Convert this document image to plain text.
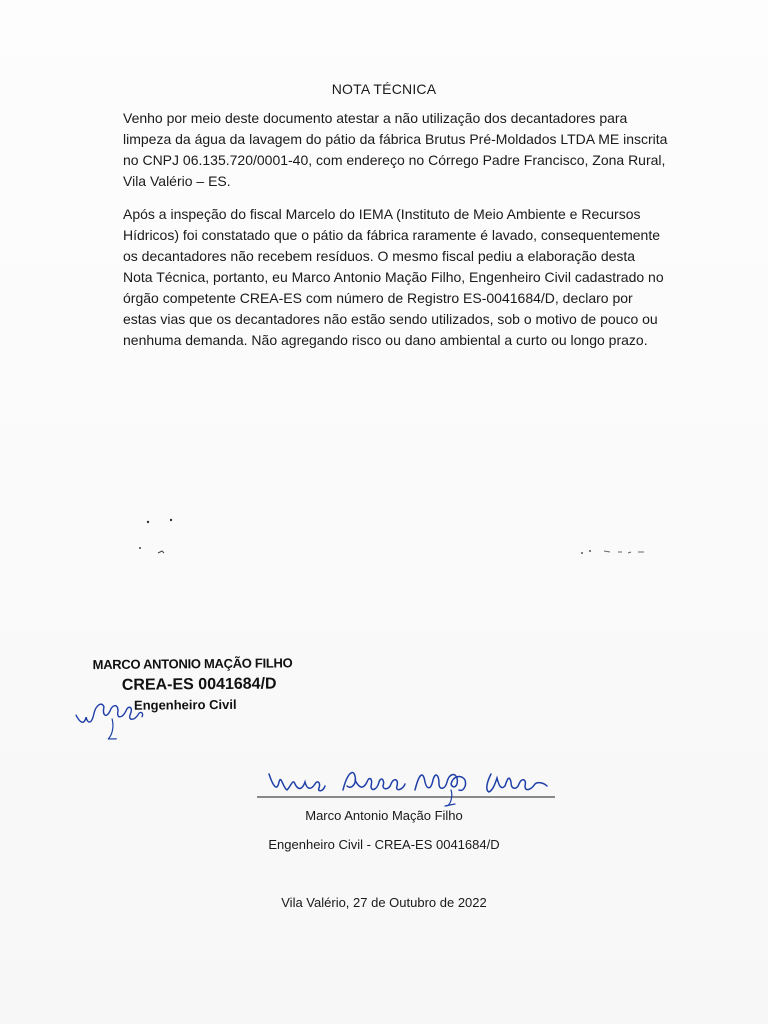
NOTA TÉCNICA

Venho por meio deste documento atestar a não utilização dos decantadores para limpeza da água da lavagem do pátio da fábrica Brutus Pré-Moldados LTDA ME inscrita no CNPJ 06.135.720/0001-40, com endereço no Córrego Padre Francisco, Zona Rural, Vila Valério – ES.

Após a inspeção do fiscal Marcelo do IEMA (Instituto de Meio Ambiente e Recursos Hídricos) foi constatado que o pátio da fábrica raramente é lavado, consequentemente os decantadores não recebem resíduos. O mesmo fiscal pediu a elaboração desta Nota Técnica, portanto, eu Marco Antonio Mação Filho, Engenheiro Civil cadastrado no órgão competente CREA-ES com número de Registro ES-0041684/D, declaro por estas vias que os decantadores não estão sendo utilizados, sob o motivo de pouco ou nenhuma demanda. Não agregando risco ou dano ambiental a curto ou longo prazo.

MARCO ANTONIO MAÇÃO FILHO
CREA-ES 0041684/D
Engenheiro Civil
Marco Antonio Mação Filho
Engenheiro Civil - CREA-ES 0041684/D
Vila Valério, 27 de Outubro de 2022
